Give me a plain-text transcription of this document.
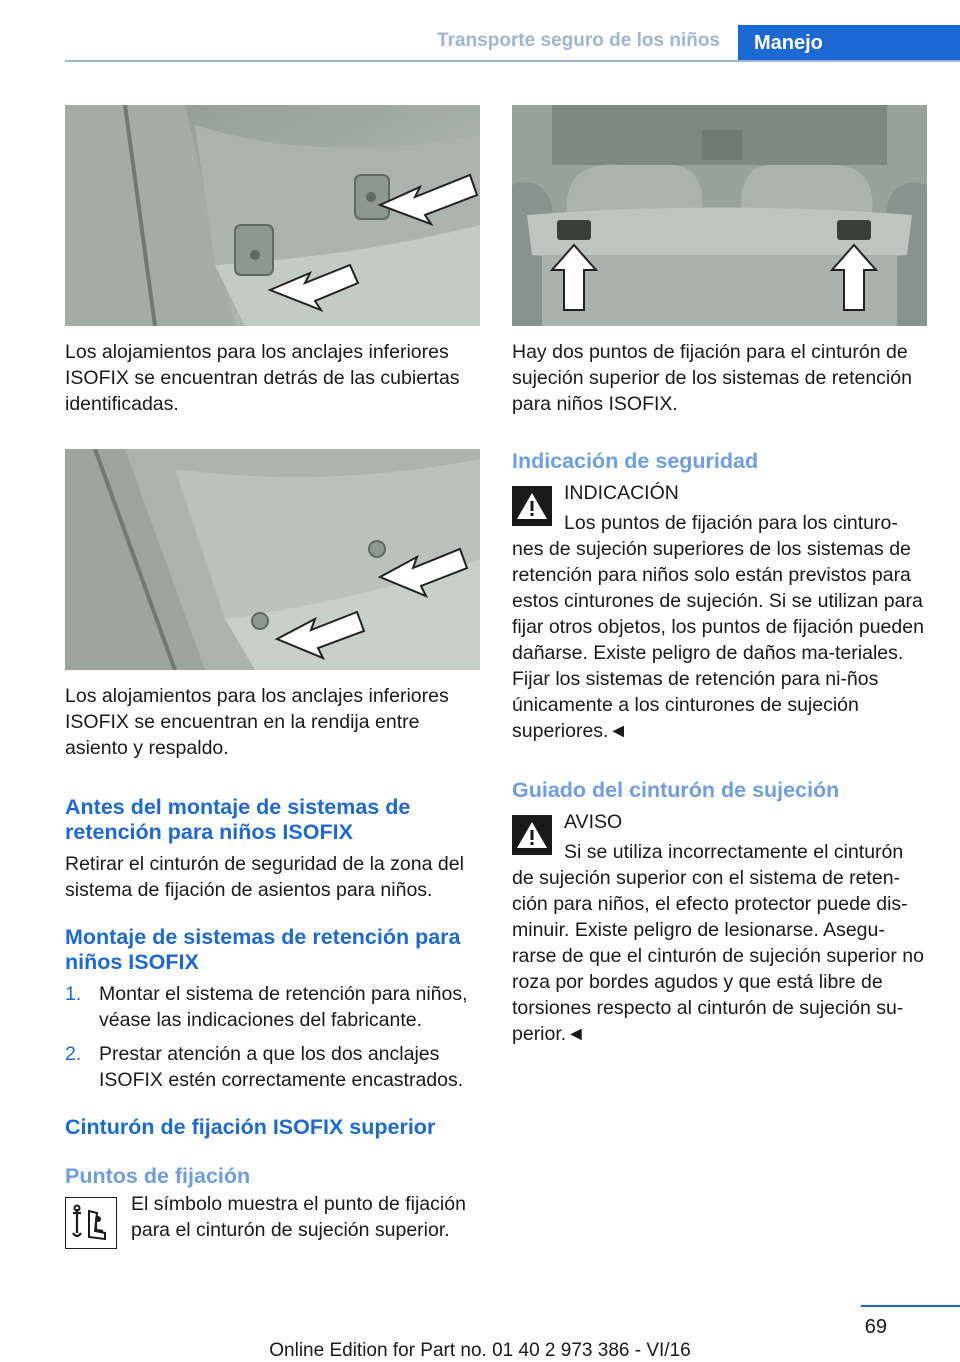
Transporte seguro de los niños	Manejo

Los alojamientos para los anclajes inferiores ISOFIX se encuentran detrás de las cubiertas identificadas.

Los alojamientos para los anclajes inferiores ISOFIX se encuentran en la rendija entre asiento y respaldo.

Antes del montaje de sistemas de retención para niños ISOFIX

Retirar el cinturón de seguridad de la zona del sistema de fijación de asientos para niños.

Montaje de sistemas de retención para niños ISOFIX
1. Montar el sistema de retención para niños, véase las indicaciones del fabricante.
2. Prestar atención a que los dos anclajes ISOFIX estén correctamente encastrados.
Cinturón de fijación ISOFIX superior
Puntos de fijación

El símbolo muestra el punto de fijación para el cinturón de sujeción superior.

Hay dos puntos de fijación para el cinturón de sujeción superior de los sistemas de retención para niños ISOFIX.

Indicación de seguridad

INDICACIÓN

Los puntos de fijación para los cinturo‐

nes de sujeción superiores de los sistemas de retención para niños solo están previstos para estos cinturones de sujeción. Si se utilizan para fijar otros objetos, los puntos de fijación pueden dañarse. Existe peligro de daños ma‐teriales. Fijar los sistemas de retención para ni‐ños únicamente a los cinturones de sujeción superiores.◄

Guiado del cinturón de sujeción

AVISO

Si se utiliza incorrectamente el cinturón

de sujeción superior con el sistema de reten‐ción para niños, el efecto protector puede dis‐minuir. Existe peligro de lesionarse. Asegu‐rarse de que el cinturón de sujeción superior no roza por bordes agudos y que está libre de torsiones respecto al cinturón de sujeción su‐perior.◄

69
Online Edition for Part no. 01 40 2 973 386 - VI/16
